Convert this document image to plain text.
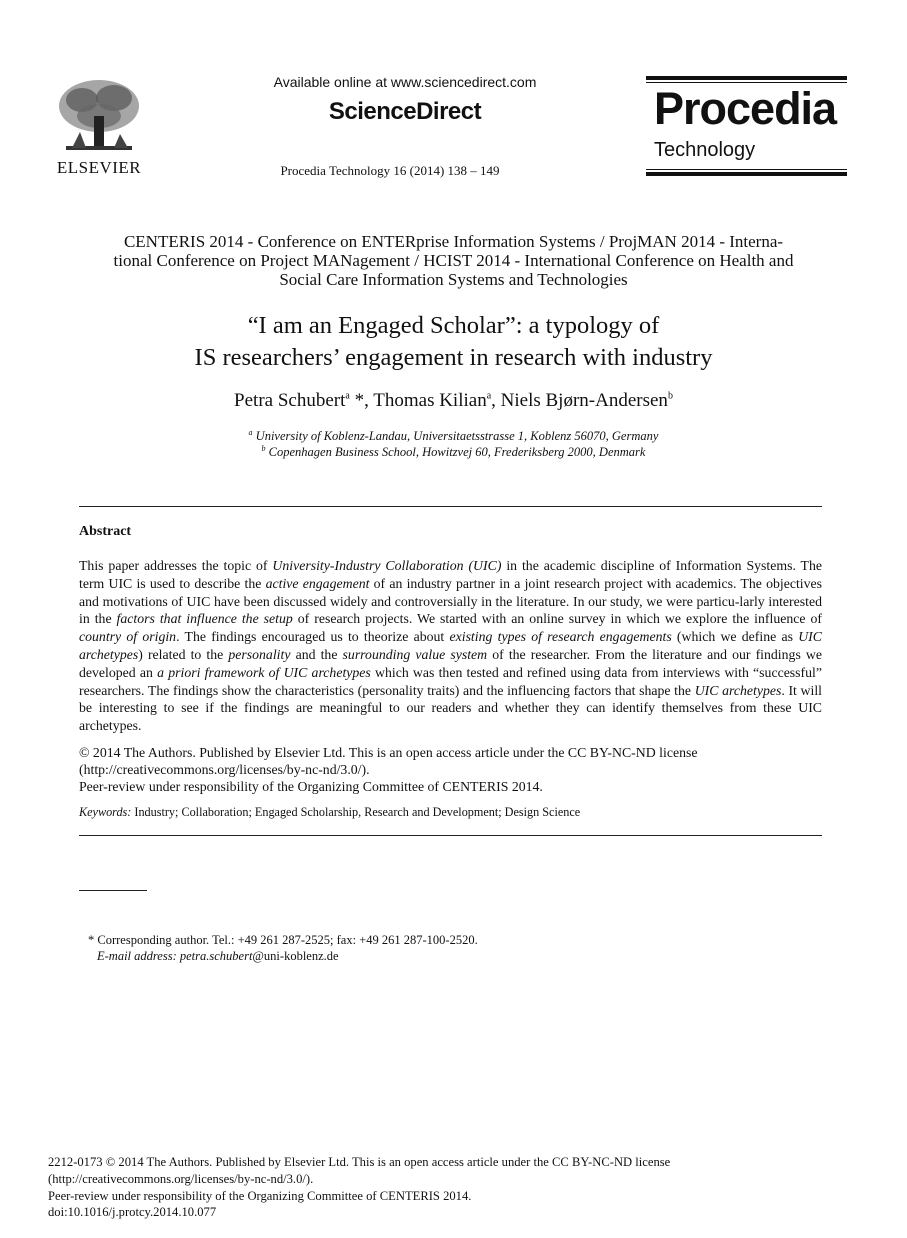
ELSEVIER
Available online at www.sciencedirect.com
ScienceDirect
Procedia Technology 16 (2014) 138 – 149
Procedia
Technology
CENTERIS 2014 - Conference on ENTERprise Information Systems / ProjMAN 2014 - Interna-
tional Conference on Project MANagement / HCIST 2014 - International Conference on Health and
Social Care Information Systems and Technologies
“I am an Engaged Scholar”: a typology of
IS researchers’ engagement in research with industry
Petra Schubert$^a$ *, Thomas Kilian$^a$, Niels Bjørn-Andersen$^b$
$^a$ University of Koblenz-Landau, Universitaetsstrasse 1, Koblenz 56070, Germany
$^b$ Copenhagen Business School, Howitzvej 60, Frederiksberg 2000, Denmark
Abstract
This paper addresses the topic of University-Industry Collaboration (UIC) in the academic discipline of Information Systems. The term UIC is used to describe the active engagement of an industry partner in a joint research project with academics. The objectives and motivations of UIC have been discussed widely and controversially in the literature. In our study, we were particu-larly interested in the factors that influence the setup of research projects. We started with an online survey in which we explore the influence of country of origin. The findings encouraged us to theorize about existing types of research engagements (which we define as UIC archetypes) related to the personality and the surrounding value system of the researcher. From the literature and our findings we developed an a priori framework of UIC archetypes which was then tested and refined using data from interviews with “successful” researchers. The findings show the characteristics (personality traits) and the influencing factors that shape the UIC archetypes. It will be interesting to see if the findings are meaningful to our readers and whether they can identify themselves from these UIC archetypes.
© 2014 The Authors. Published by Elsevier Ltd. This is an open access article under the CC BY-NC-ND license
(http://creativecommons.org/licenses/by-nc-nd/3.0/).
Peer-review under responsibility of the Organizing Committee of CENTERIS 2014.
Keywords: Industry; Collaboration; Engaged Scholarship, Research and Development; Design Science
* Corresponding author. Tel.: +49 261 287-2525; fax: +49 261 287-100-2520.
E-mail address: petra.schubert@uni-koblenz.de
2212-0173 © 2014 The Authors. Published by Elsevier Ltd. This is an open access article under the CC BY-NC-ND license
(http://creativecommons.org/licenses/by-nc-nd/3.0/).
Peer-review under responsibility of the Organizing Committee of CENTERIS 2014.
doi:10.1016/j.protcy.2014.10.077
